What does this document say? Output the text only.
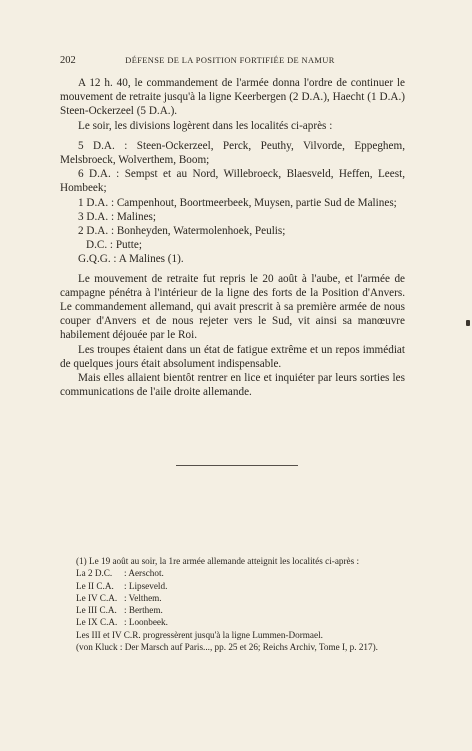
202	DÉFENSE DE LA POSITION FORTIFIÉE DE NAMUR

A 12 h. 40, le commandement de l'armée donna l'ordre de continuer le mouvement de retraite jusqu'à la ligne Keerbergen (2 D.A.), Haecht (1 D.A.) Steen-Ockerzeel (5 D.A.).

Le soir, les divisions logèrent dans les localités ci-après :

5 D.A. : Steen-Ockerzeel, Perck, Peuthy, Vilvorde, Eppeghem, Melsbroeck, Wolverthem, Boom;

6 D.A. : Sempst et au Nord, Willebroeck, Blaesveld, Heffen, Leest, Hombeek;

1 D.A. : Campenhout, Boortmeerbeek, Muysen, partie Sud de Malines;

3 D.A. : Malines;

2 D.A. : Bonheyden, Watermolenhoek, Peulis;

D.C. : Putte;

G.Q.G. : A Malines (1).

Le mouvement de retraite fut repris le 20 août à l'aube, et l'armée de campagne pénétra à l'intérieur de la ligne des forts de la Position d'Anvers. Le commandement allemand, qui avait prescrit à sa première armée de nous couper d'Anvers et de nous rejeter vers le Sud, vit ainsi sa manœuvre habilement déjouée par le Roi.

Les troupes étaient dans un état de fatigue extrême et un repos immédiat de quelques jours était absolument indispensable.

Mais elles allaient bientôt rentrer en lice et inquiéter par leurs sorties les communications de l'aile droite allemande.

(1) Le 19 août au soir, la 1re armée allemande atteignit les localités ci-après :

La 2 D.C. : Aerschot.

Le II C.A. : Lipseveld.

Le IV C.A. : Velthem.

Le III C.A. : Berthem.

Le IX C.A. : Loonbeek.

Les III et IV C.R. progressèrent jusqu'à la ligne Lummen-Dormael.

(von Kluck : Der Marsch auf Paris..., pp. 25 et 26; Reichs Archiv, Tome I, p. 217).
